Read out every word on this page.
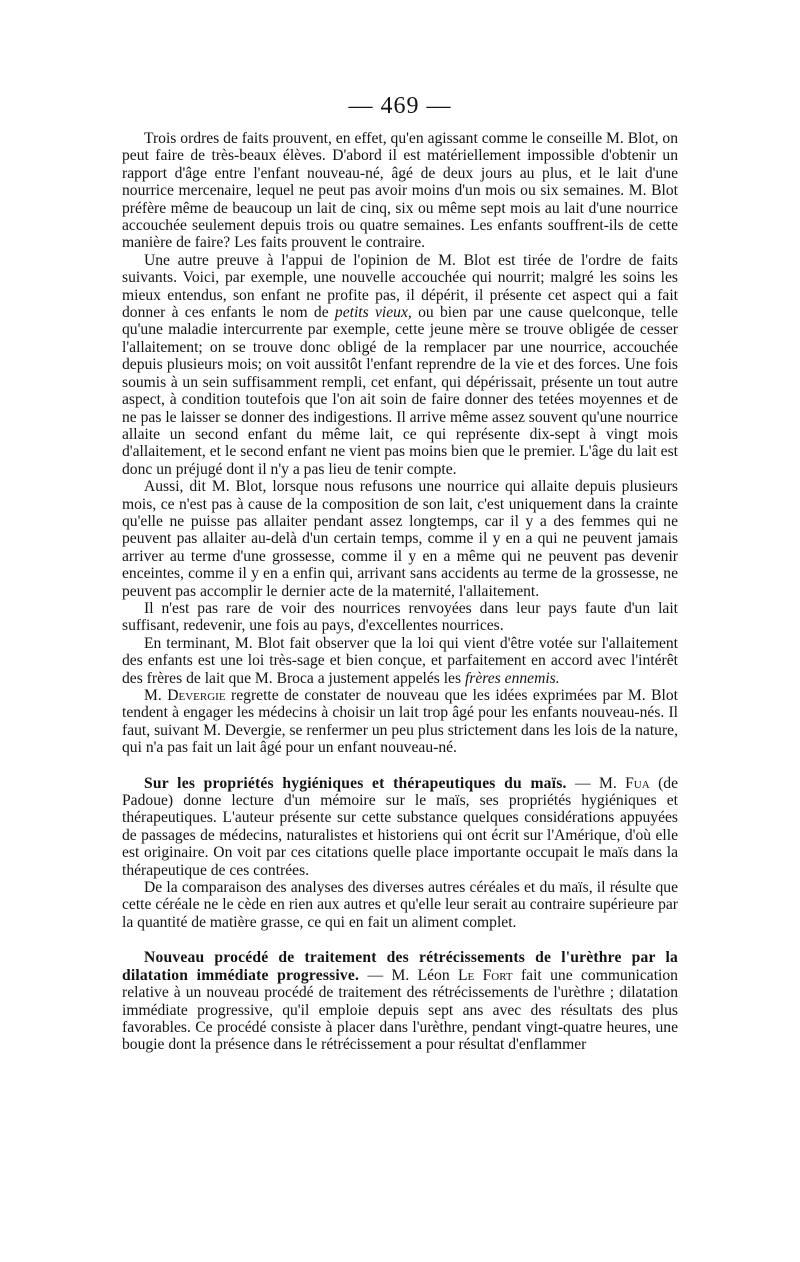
— 469 —

Trois ordres de faits prouvent, en effet, qu'en agissant comme le conseille M. Blot, on peut faire de très-beaux élèves. D'abord il est matériellement impossible d'obtenir un rapport d'âge entre l'enfant nouveau-né, âgé de deux jours au plus, et le lait d'une nourrice mercenaire, lequel ne peut pas avoir moins d'un mois ou six semaines. M. Blot préfère même de beaucoup un lait de cinq, six ou même sept mois au lait d'une nourrice accouchée seulement depuis trois ou quatre semaines. Les enfants souffrent-ils de cette manière de faire? Les faits prouvent le contraire.

Une autre preuve à l'appui de l'opinion de M. Blot est tirée de l'ordre de faits suivants. Voici, par exemple, une nouvelle accouchée qui nourrit; malgré les soins les mieux entendus, son enfant ne profite pas, il dépérit, il présente cet aspect qui a fait donner à ces enfants le nom de petits vieux, ou bien par une cause quelconque, telle qu'une maladie intercurrente par exemple, cette jeune mère se trouve obligée de cesser l'allaitement; on se trouve donc obligé de la remplacer par une nourrice, accouchée depuis plusieurs mois; on voit aussitôt l'enfant reprendre de la vie et des forces. Une fois soumis à un sein suffisamment rempli, cet enfant, qui dépérissait, présente un tout autre aspect, à condition toutefois que l'on ait soin de faire donner des tetées moyennes et de ne pas le laisser se donner des indigestions. Il arrive même assez souvent qu'une nourrice allaite un second enfant du même lait, ce qui représente dix-sept à vingt mois d'allaitement, et le second enfant ne vient pas moins bien que le premier. L'âge du lait est donc un préjugé dont il n'y a pas lieu de tenir compte.

Aussi, dit M. Blot, lorsque nous refusons une nourrice qui allaite depuis plusieurs mois, ce n'est pas à cause de la composition de son lait, c'est uniquement dans la crainte qu'elle ne puisse pas allaiter pendant assez longtemps, car il y a des femmes qui ne peuvent pas allaiter au-delà d'un certain temps, comme il y en a qui ne peuvent jamais arriver au terme d'une grossesse, comme il y en a même qui ne peuvent pas devenir enceintes, comme il y en a enfin qui, arrivant sans accidents au terme de la grossesse, ne peuvent pas accomplir le dernier acte de la maternité, l'allaitement.

Il n'est pas rare de voir des nourrices renvoyées dans leur pays faute d'un lait suffisant, redevenir, une fois au pays, d'excellentes nourrices.

En terminant, M. Blot fait observer que la loi qui vient d'être votée sur l'allaitement des enfants est une loi très-sage et bien conçue, et parfaitement en accord avec l'intérêt des frères de lait que M. Broca a justement appelés les frères ennemis.

M. Devergie regrette de constater de nouveau que les idées exprimées par M. Blot tendent à engager les médecins à choisir un lait trop âgé pour les enfants nouveau-nés. Il faut, suivant M. Devergie, se renfermer un peu plus strictement dans les lois de la nature, qui n'a pas fait un lait âgé pour un enfant nouveau-né.

Sur les propriétés hygiéniques et thérapeutiques du maïs. — M. Fua (de Padoue) donne lecture d'un mémoire sur le maïs, ses propriétés hygiéniques et thérapeutiques. L'auteur présente sur cette substance quelques considérations appuyées de passages de médecins, naturalistes et historiens qui ont écrit sur l'Amérique, d'où elle est originaire. On voit par ces citations quelle place importante occupait le maïs dans la thérapeutique de ces contrées.

De la comparaison des analyses des diverses autres céréales et du maïs, il résulte que cette céréale ne le cède en rien aux autres et qu'elle leur serait au contraire supérieure par la quantité de matière grasse, ce qui en fait un aliment complet.

Nouveau procédé de traitement des rétrécissements de l'urèthre par la dilatation immédiate progressive. — M. Léon Le Fort fait une communication relative à un nouveau procédé de traitement des rétrécissements de l'urèthre ; dilatation immédiate progressive, qu'il emploie depuis sept ans avec des résultats des plus favorables. Ce procédé consiste à placer dans l'urèthre, pendant vingt-quatre heures, une bougie dont la présence dans le rétrécissement a pour résultat d'enflammer
